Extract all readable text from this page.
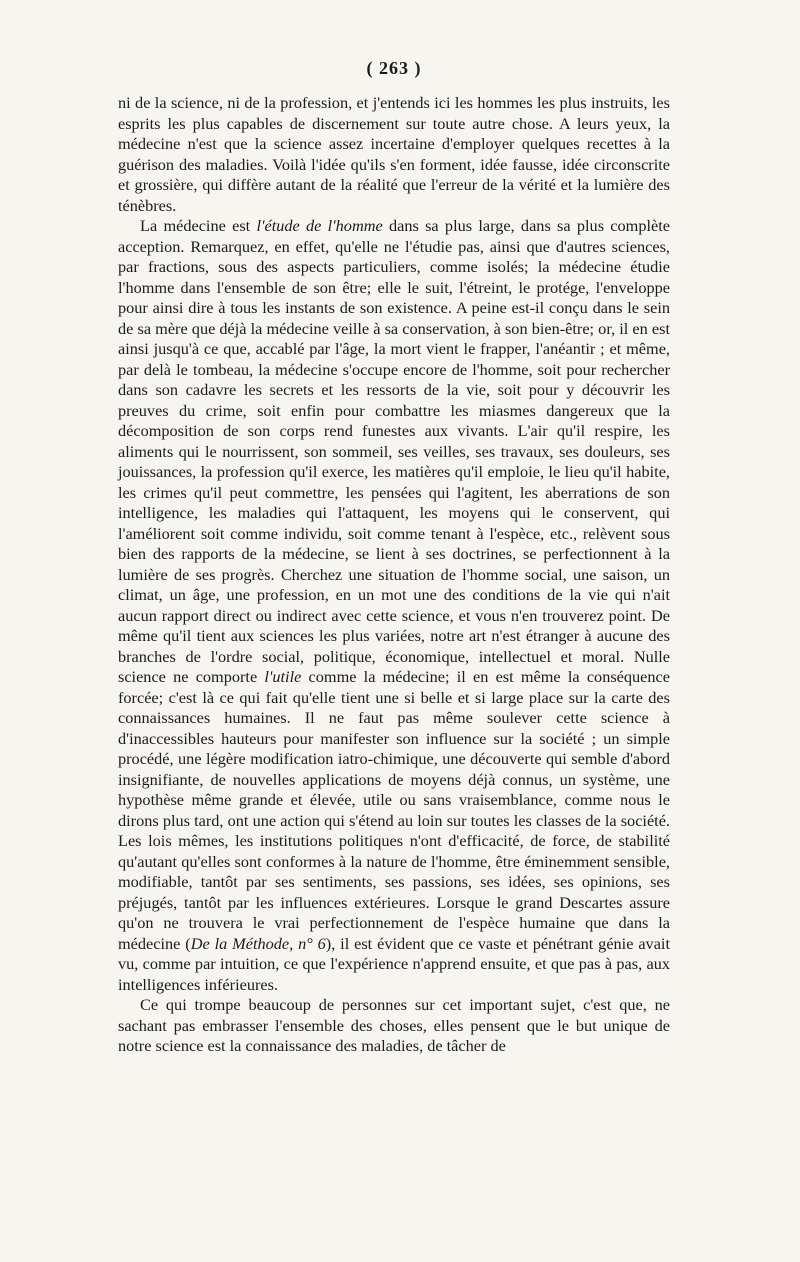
( 263 )

ni de la science, ni de la profession, et j'entends ici les hommes les plus instruits, les esprits les plus capables de discernement sur toute autre chose. A leurs yeux, la médecine n'est que la science assez incertaine d'employer quelques recettes à la guérison des maladies. Voilà l'idée qu'ils s'en forment, idée fausse, idée circonscrite et grossière, qui diffère autant de la réalité que l'erreur de la vérité et la lumière des ténèbres.

La médecine est l'étude de l'homme dans sa plus large, dans sa plus complète acception. Remarquez, en effet, qu'elle ne l'étudie pas, ainsi que d'autres sciences, par fractions, sous des aspects particuliers, comme isolés; la médecine étudie l'homme dans l'ensemble de son être; elle le suit, l'étreint, le protége, l'enveloppe pour ainsi dire à tous les instants de son existence. A peine est-il conçu dans le sein de sa mère que déjà la médecine veille à sa conservation, à son bien-être; or, il en est ainsi jusqu'à ce que, accablé par l'âge, la mort vient le frapper, l'anéantir ; et même, par delà le tombeau, la médecine s'occupe encore de l'homme, soit pour rechercher dans son cadavre les secrets et les ressorts de la vie, soit pour y découvrir les preuves du crime, soit enfin pour combattre les miasmes dangereux que la décomposition de son corps rend funestes aux vivants. L'air qu'il respire, les aliments qui le nourrissent, son sommeil, ses veilles, ses travaux, ses douleurs, ses jouissances, la profession qu'il exerce, les matières qu'il emploie, le lieu qu'il habite, les crimes qu'il peut commettre, les pensées qui l'agitent, les aberrations de son intelligence, les maladies qui l'attaquent, les moyens qui le conservent, qui l'améliorent soit comme individu, soit comme tenant à l'espèce, etc., relèvent sous bien des rapports de la médecine, se lient à ses doctrines, se perfectionnent à la lumière de ses progrès. Cherchez une situation de l'homme social, une saison, un climat, un âge, une profession, en un mot une des conditions de la vie qui n'ait aucun rapport direct ou indirect avec cette science, et vous n'en trouverez point. De même qu'il tient aux sciences les plus variées, notre art n'est étranger à aucune des branches de l'ordre social, politique, économique, intellectuel et moral. Nulle science ne comporte l'utile comme la médecine; il en est même la conséquence forcée; c'est là ce qui fait qu'elle tient une si belle et si large place sur la carte des connaissances humaines. Il ne faut pas même soulever cette science à d'inaccessibles hauteurs pour manifester son influence sur la société ; un simple procédé, une légère modification iatro-chimique, une découverte qui semble d'abord insignifiante, de nouvelles applications de moyens déjà connus, un système, une hypothèse même grande et élevée, utile ou sans vraisemblance, comme nous le dirons plus tard, ont une action qui s'étend au loin sur toutes les classes de la société. Les lois mêmes, les institutions politiques n'ont d'efficacité, de force, de stabilité qu'autant qu'elles sont conformes à la nature de l'homme, être éminemment sensible, modifiable, tantôt par ses sentiments, ses passions, ses idées, ses opinions, ses préjugés, tantôt par les influences extérieures. Lorsque le grand Descartes assure qu'on ne trouvera le vrai perfectionnement de l'espèce humaine que dans la médecine (De la Méthode, n° 6), il est évident que ce vaste et pénétrant génie avait vu, comme par intuition, ce que l'expérience n'apprend ensuite, et que pas à pas, aux intelligences inférieures.

Ce qui trompe beaucoup de personnes sur cet important sujet, c'est que, ne sachant pas embrasser l'ensemble des choses, elles pensent que le but unique de notre science est la connaissance des maladies, de tâcher de
